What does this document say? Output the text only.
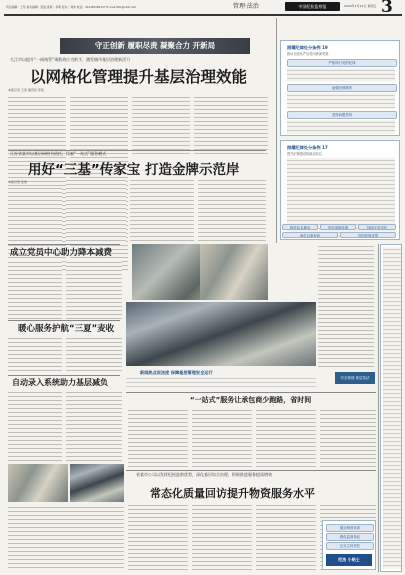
责任编辑：王玲 美术编辑：张俊 排版：李明 校对：刘伟 电话：010-86390317 E-mail:flzb@163.com	管理·法治	中国纪检监察报	2024年1月12日 星期五 3
守正创新 履职尽责 凝聚合力 开新局
九江市以提升“一网统管”乘数效应为抓手，激发城市基层治理新活力
以网格化管理提升基层治理效能
本报记者 王某 通讯员 李某
江苏省某市以基层网格为依托，探索“一站式”服务模式
用好“三基”传家宝 打造金牌示范岸
本报记者 张某
成立党员中心助力降本减费
暖心服务护航“三夏”麦收
自动录入系统助力基层减负	安全管理 基层执法
新闻热点说法度 保障基层管理安全运行
“一站式”服务让承包商少跑路，省时间
省某市公司以发挥纪检监察优势，深化基层综合治理，积极推进服务提质增效
常态化质量回访提升物资服务水平
照耀纪律处分条例 19
推动全面从严治党向纵深发展
严格执行党的纪律
加强纪律教育
坚持问题导向
照耀纪律处分条例 17
提升纪律建设的政治站位
健全制度体系
强化监督执纪
压实主体责任
纪法 小贴士
推进标本兼治	营造清朗环境	持续正风肃纪
深化以案促改	巩固拓展成果
